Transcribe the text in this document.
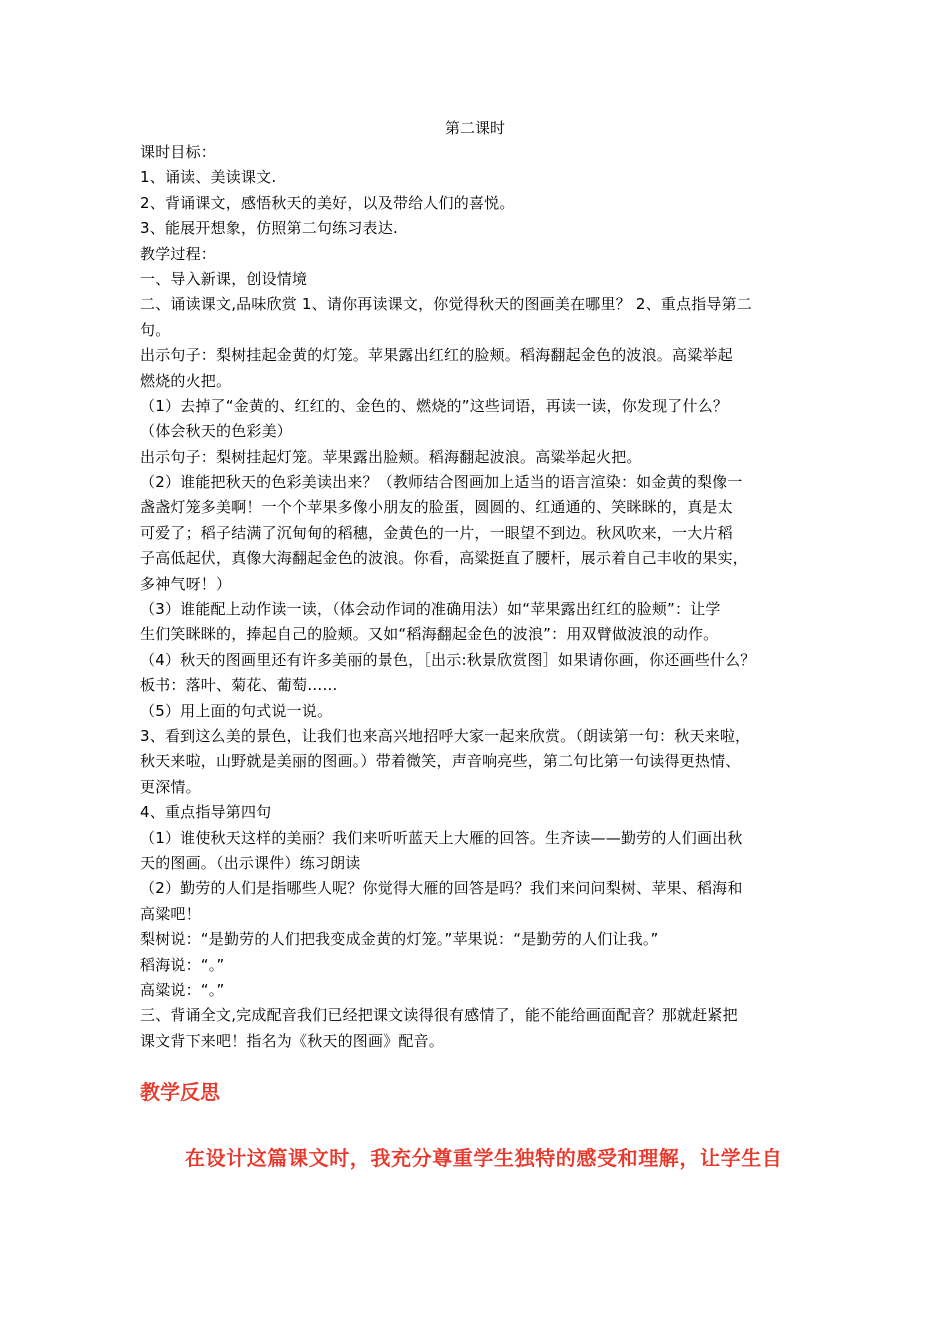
第二课时
课时目标：
1、诵读、美读课文.
2、背诵课文，感悟秋天的美好，以及带给人们的喜悦。
3、能展开想象，仿照第二句练习表达.
教学过程：
一、导入新课，创设情境
二、诵读课文,品味欣赏 1、请你再读课文，你觉得秋天的图画美在哪里？ 2、重点指导第二
句。
出示句子：梨树挂起金黄的灯笼。苹果露出红红的脸颊。稻海翻起金色的波浪。高粱举起
燃烧的火把。
（1）去掉了“金黄的、红红的、金色的、燃烧的”这些词语，再读一读，你发现了什么？
（体会秋天的色彩美）
出示句子：梨树挂起灯笼。苹果露出脸颊。稻海翻起波浪。高粱举起火把。
（2）谁能把秋天的色彩美读出来？（教师结合图画加上适当的语言渲染：如金黄的梨像一
盏盏灯笼多美啊！一个个苹果多像小朋友的脸蛋，圆圆的、红通通的、笑眯眯的，真是太
可爱了；稻子结满了沉甸甸的稻穗，金黄色的一片，一眼望不到边。秋风吹来，一大片稻
子高低起伏，真像大海翻起金色的波浪。你看，高粱挺直了腰杆，展示着自己丰收的果实，
多神气呀！）
（3）谁能配上动作读一读，（体会动作词的准确用法）如“苹果露出红红的脸颊”：让学
生们笑眯眯的，捧起自己的脸颊。又如“稻海翻起金色的波浪”：用双臂做波浪的动作。
（4）秋天的图画里还有许多美丽的景色，［出示:秋景欣赏图］如果请你画，你还画些什么？
板书：落叶、菊花、葡萄……
（5）用上面的句式说一说。
3、看到这么美的景色，让我们也来高兴地招呼大家一起来欣赏。（朗读第一句：秋天来啦，
秋天来啦，山野就是美丽的图画。）带着微笑，声音响亮些，第二句比第一句读得更热情、
更深情。
4、重点指导第四句
（1）谁使秋天这样的美丽？我们来听听蓝天上大雁的回答。生齐读——勤劳的人们画出秋
天的图画。（出示课件）练习朗读
（2）勤劳的人们是指哪些人呢？你觉得大雁的回答是吗？我们来问问梨树、苹果、稻海和
高粱吧！
梨树说：“是勤劳的人们把我变成金黄的灯笼。”苹果说：“是勤劳的人们让我。”
稻海说：“。”
高粱说：“。”
三、背诵全文,完成配音我们已经把课文读得很有感情了，能不能给画面配音？那就赶紧把
课文背下来吧！指名为《秋天的图画》配音。
教学反思
在设计这篇课文时，我充分尊重学生独特的感受和理解，让学生自
